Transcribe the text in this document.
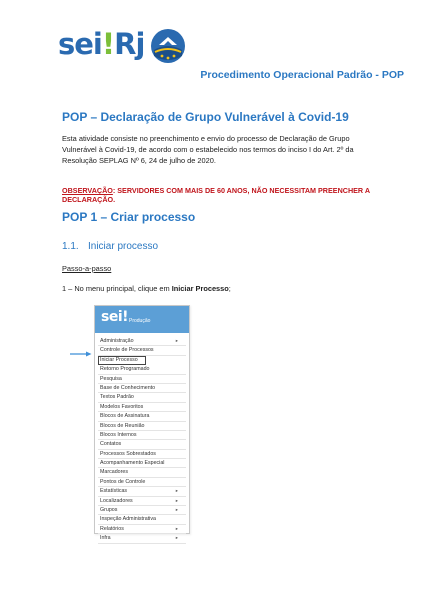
sei!Rj
Procedimento Operacional Padrão - POP
POP – Declaração de Grupo Vulnerável à Covid-19
Esta atividade consiste no preenchimento e envio do processo de Declaração de Grupo Vulnerável à Covid-19, de acordo com o estabelecido nos termos do inciso I do Art. 2º da Resolução SEPLAG Nº 6, 24 de julho de 2020.
OBSERVAÇÃO: SERVIDORES COM MAIS DE 60 ANOS, NÃO NECESSITAM PREENCHER A DECLARAÇÃO.
POP 1 – Criar processo
1.1. Iniciar processo
Passo-a-passo
1 – No menu principal, clique em Iniciar Processo;
sei! Produção
Administração	▸
Controle de Processos
Iniciar Processo
Retorno Programado
Pesquisa
Base de Conhecimento
Textos Padrão
Modelos Favoritos
Blocos de Assinatura
Blocos de Reunião
Blocos Internos
Contatos
Processos Sobrestados
Acompanhamento Especial
Marcadores
Pontos de Controle
Estatísticas	▸
Localizadores	▸
Grupos	▸
Inspeção Administrativa
Relatórios	▸
Infra	▸
